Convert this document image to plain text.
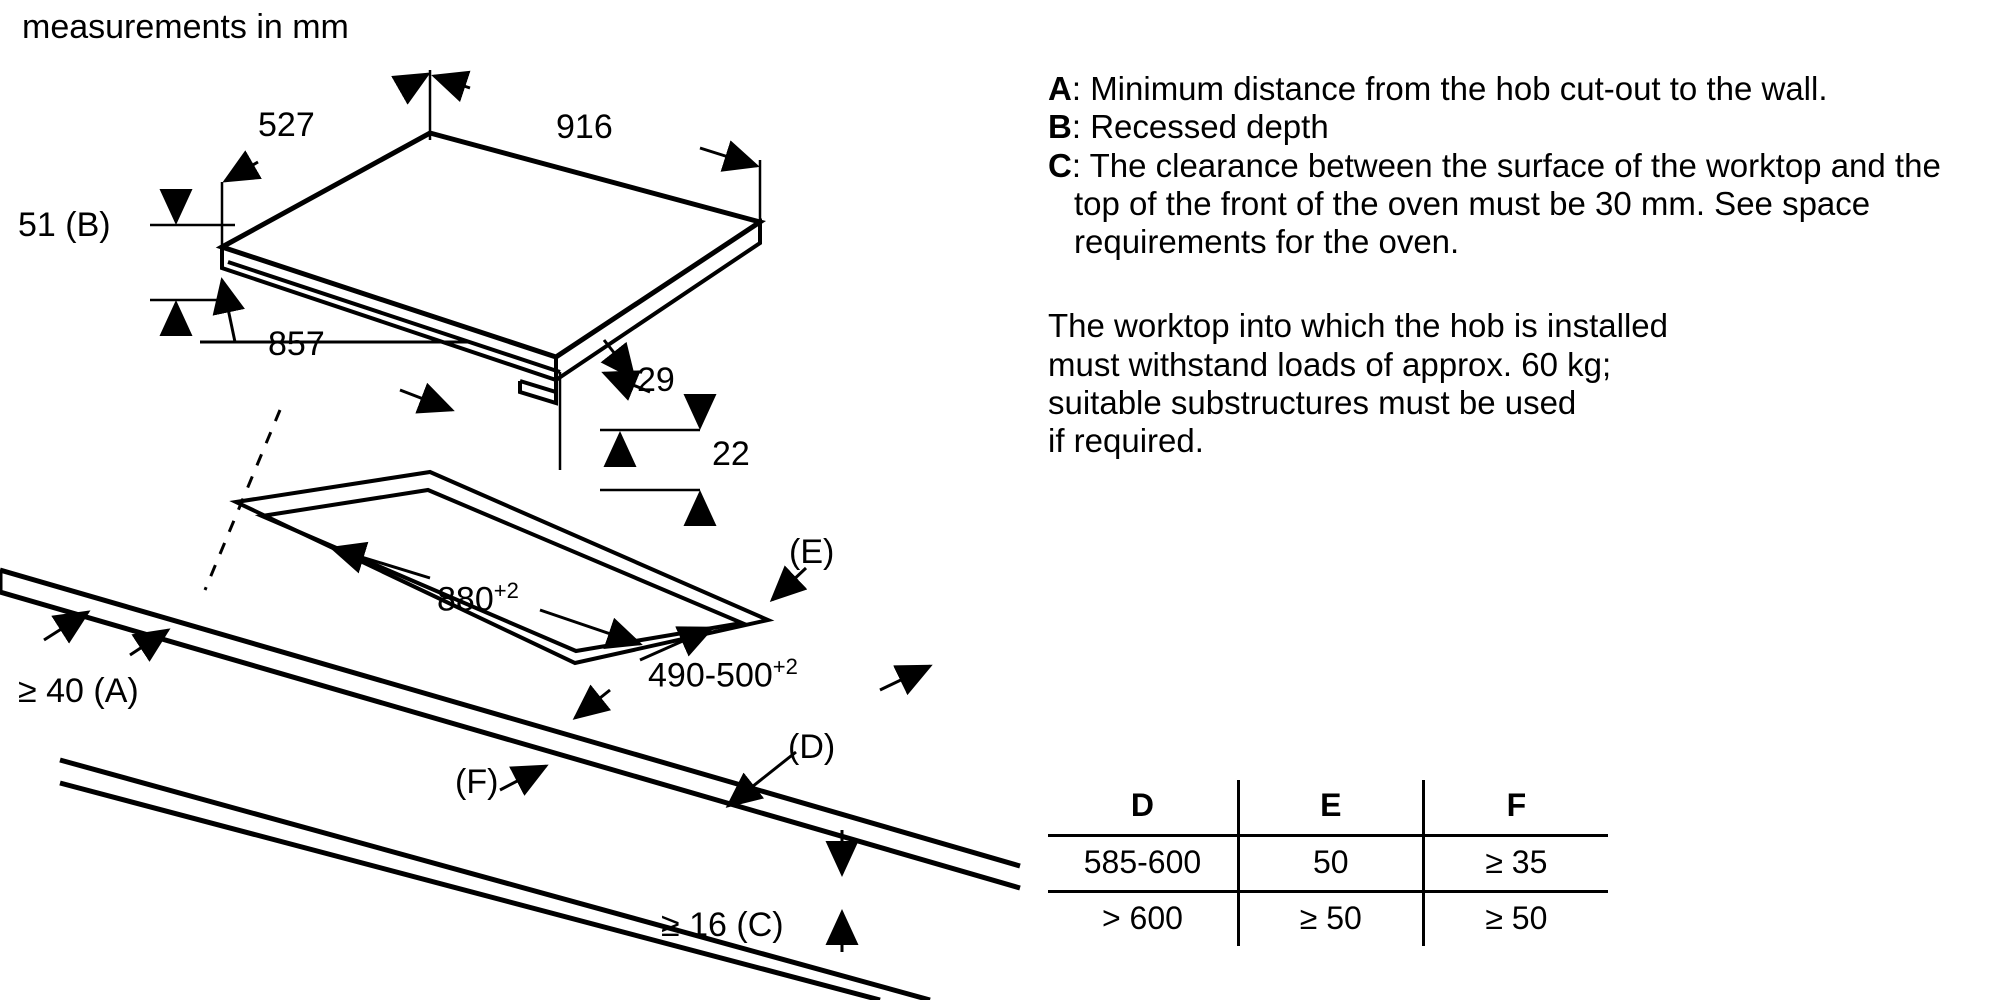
measurements in mm
527	916
51 (B)
857
29
22
$880^{+2}$
$490-500^{+2}$
(E)
(D)
(F)
≥ 40 (A)
≥ 16 (C)
A: Minimum distance from the hob cut-out to the wall.
B: Recessed depth
C: The clearance between the surface of the worktop and the top of the front of the oven must be 30 mm. See space requirements for the oven.
The worktop into which the hob is installed
must withstand loads of approx. 60 kg;
suitable substructures must be used
if required.
D	E	F
585-600	50	≥ 35
> 600	≥ 50	≥ 50
